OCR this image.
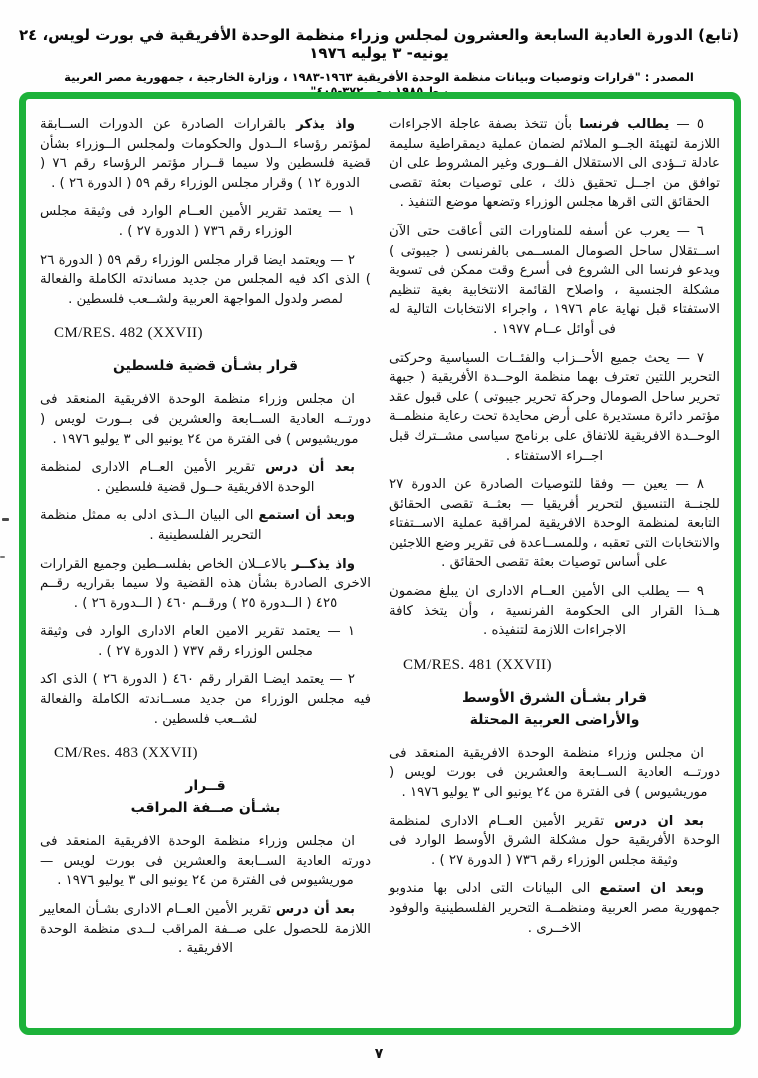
(تابع) الدورة العادية السابعة والعشرون لمجلس وزراء منظمة الوحدة الأفريقية في بورت لويس، ٢٤ يونيه- ٣ يوليه ١٩٧٦
المصدر : "قرارات وتوصيات وبيانات منظمة الوحدة الأفريقية ١٩٦٣-١٩٨٣ ، وزارة الخارجية ، جمهورية مصر العربية ، ط ١٩٨٥ ، ص ٣٧٢-٤٠٥"

٥ — يطالب فرنسا بأن تتخذ بصفة عاجلة الاجراءات اللازمة لتهيئة الجــو الملائم لضمان عملية ديمقراطية سليمة عادلة تــؤدى الى الاستقلال الفــورى وغير المشروط على ان توافق من اجــل تحقيق ذلك ، على توصيات بعثة تقصى الحقائق التى اقرها مجلس الوزراء وتضعها موضع التنفيذ .

٦ — يعرب عن أسفه للمناورات التى أعاقت حتى الآن اســتقلال ساحل الصومال المســمى بالفرنسى ( جيبوتى ) ويدعو فرنسا الى الشروع فى أسرع وقت ممكن فى تسوية مشكلة الجنسية ، واصلاح القائمة الانتخابية بغية تنظيم الاستفتاء قبل نهاية عام ١٩٧٦ ، واجراء الانتخابات التالية له فى أوائل عــام ١٩٧٧ .

٧ — يحث جميع الأحــزاب والفئــات السياسية وحركتى التحرير اللتين تعترف بهما منظمة الوحــدة الأفريقية ( جبهة تحرير ساحل الصومال وحركة تحرير جيبوتى ) على قبول عقد مؤتمر دائرة مستديرة على أرض محايدة تحت رعاية منظمــة الوحــدة الافريقية للاتفاق على برنامج سياسى مشــترك قبل اجــراء الاستفتاء .

٨ — يعين — وفقا للتوصيات الصادرة عن الدورة ٢٧ للجنــة التنسيق لتحرير أفريقيا — بعثــة تقصى الحقائق التابعة لمنظمة الوحدة الافريقية لمراقبة عملية الاســتفتاء والانتخابات التى تعقبه ، وللمســاعدة فى تقرير وضع اللاجئين على أساس توصيات بعثة تقصى الحقائق .

٩ — يطلب الى الأمين العــام الادارى ان يبلغ مضمون هــذا القرار الى الحكومة الفرنسية ، وأن يتخذ كافة الاجراءات اللازمة لتنفيذه .

CM/RES. 481 (XXVII)
قرار بشـأن الشرق الأوسط
والأراضى العربية المحتلة

ان مجلس وزراء منظمة الوحدة الافريقية المنعقد فى دورتــه العادية الســابعة والعشرين فى بورت لويس ( موريشيوس ) فى الفترة من ٢٤ يونيو الى ٣ يوليو ١٩٧٦ .

بعد ان درس تقرير الأمين العــام الادارى لمنظمة الوحدة الأفريقية حول مشكلة الشرق الأوسط الوارد فى وثيقة مجلس الوزراء رقم ٧٣٦ ( الدورة ٢٧ ) .

وبعد ان استمع الى البيانات التى ادلى بها مندوبو جمهورية مصر العربية ومنظمــة التحرير الفلسطينية والوفود الاخــرى .

واذ يذكر بالقرارات الصادرة عن الدورات الســابقة لمؤتمر رؤساء الــدول والحكومات ولمجلس الــوزراء بشأن قضية فلسطين ولا سيما قــرار مؤتمر الرؤساء رقم ٧٦ ( الدورة ١٢ ) وقرار مجلس الوزراء رقم ٥٩ ( الدورة ٢٦ ) .

١ — يعتمد تقرير الأمين العــام الوارد فى وثيقة مجلس الوزراء رقم ٧٣٦ ( الدورة ٢٧ ) .

٢ — ويعتمد ايضا قرار مجلس الوزراء رقم ٥٩ ( الدورة ٢٦ ) الذى اكد فيه المجلس من جديد مساندته الكاملة والفعالة لمصر ولدول المواجهة العربية ولشــعب فلسطين .

CM/RES. 482 (XXVII)
قرار بشـأن قضية فلسطين

ان مجلس وزراء منظمة الوحدة الافريقية المنعقد فى دورتــه العادية الســابعة والعشرين فى بــورت لويس ( موريشيوس ) فى الفترة من ٢٤ يونيو الى ٣ يوليو ١٩٧٦ .

بعد أن درس تقرير الأمين العــام الادارى لمنظمة الوحدة الافريقية حــول قضية فلسطين .

وبعد أن استمع الى البيان الــذى ادلى به ممثل منظمة التحرير الفلسطينية .

واذ يذكــر بالاعــلان الخاص بفلســطين وجميع القرارات الاخرى الصادرة بشأن هذه القضية ولا سيما بقراريه رقــم ٤٢٥ ( الــدورة ٢٥ ) ورقــم ٤٦٠ ( الــدورة ٢٦ ) .

١ — يعتمد تقرير الامين العام الادارى الوارد فى وثيقة مجلس الوزراء رقم ٧٣٧ ( الدورة ٢٧ ) .

٢ — يعتمد ايضـا القرار رقم ٤٦٠ ( الدورة ٢٦ ) الذى اكد فيه مجلس الوزراء من جديد مســاندته الكاملة والفعالة لشــعب فلسطين .

CM/Res. 483 (XXVII)
قــرار
بشـأن صــفة المراقب

ان مجلس وزراء منظمة الوحدة الافريقية المنعقد فى دورته العادية الســابعة والعشرين فى بورت لويس — موريشيوس فى الفترة من ٢٤ يونيو الى ٣ يوليو ١٩٧٦ .

بعد أن درس تقرير الأمين العــام الادارى بشـأن المعايير اللازمة للحصول على صــفة المراقب لــدى منظمة الوحدة الافريقية .

٧
